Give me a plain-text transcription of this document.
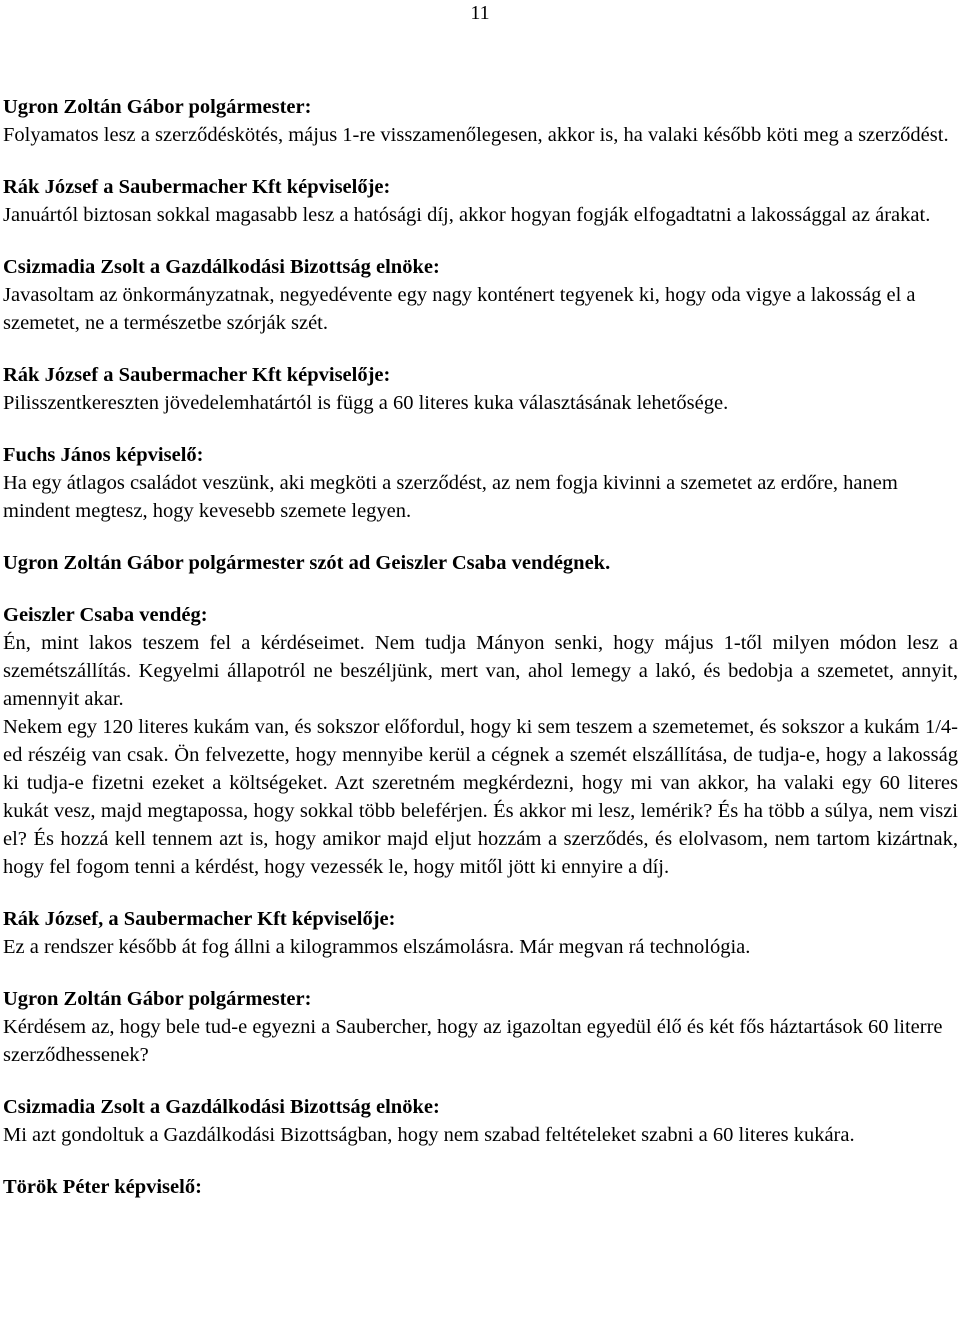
11
Ugron Zoltán Gábor polgármester:
Folyamatos lesz a szerződéskötés, május 1-re visszamenőlegesen, akkor is, ha valaki később köti meg a szerződést.
Rák József a Saubermacher Kft képviselője:
Januártól biztosan sokkal magasabb lesz a hatósági díj, akkor hogyan fogják elfogadtatni a lakossággal az árakat.
Csizmadia Zsolt a Gazdálkodási Bizottság elnöke:
Javasoltam az önkormányzatnak, negyedévente egy nagy konténert tegyenek ki, hogy oda vigye a lakosság el a szemetet, ne a természetbe szórják szét.
Rák József a Saubermacher Kft képviselője:
Pilisszentkereszten jövedelemhatártól is függ a 60 literes kuka választásának lehetősége.
Fuchs János képviselő:
Ha egy átlagos családot veszünk, aki megköti a szerződést, az nem fogja kivinni a szemetet az erdőre, hanem mindent megtesz, hogy kevesebb szemete legyen.
Ugron Zoltán Gábor polgármester szót ad Geiszler Csaba vendégnek.
Geiszler Csaba vendég:
Én, mint lakos teszem fel a kérdéseimet. Nem tudja Mányon senki, hogy május 1-től milyen módon lesz a szemétszállítás. Kegyelmi állapotról ne beszéljünk, mert van, ahol lemegy a lakó, és bedobja a szemetet, annyit, amennyit akar.
Nekem egy 120 literes kukám van, és sokszor előfordul, hogy ki sem teszem a szemetemet, és sokszor a kukám 1/4-ed részéig van csak. Ön felvezette, hogy mennyibe kerül a cégnek a szemét elszállítása, de tudja-e, hogy a lakosság ki tudja-e fizetni ezeket a költségeket. Azt szeretném megkérdezni, hogy mi van akkor, ha valaki egy 60 literes kukát vesz, majd megtapossa, hogy sokkal több beleférjen. És akkor mi lesz, lemérik? És ha több a súlya, nem viszi el? És hozzá kell tennem azt is, hogy amikor majd eljut hozzám a szerződés, és elolvasom, nem tartom kizártnak, hogy fel fogom tenni a kérdést, hogy vezessék le, hogy mitől jött ki ennyire a díj.
Rák József, a Saubermacher Kft képviselője:
Ez a rendszer később át fog állni a kilogrammos elszámolásra. Már megvan rá technológia.
Ugron Zoltán Gábor polgármester:
Kérdésem az, hogy bele tud-e egyezni a Saubercher, hogy az igazoltan egyedül élő és két fős háztartások 60 literre szerződhessenek?
Csizmadia Zsolt a Gazdálkodási Bizottság elnöke:
Mi azt gondoltuk a Gazdálkodási Bizottságban, hogy nem szabad feltételeket szabni a 60 literes kukára.
Török Péter képviselő:
